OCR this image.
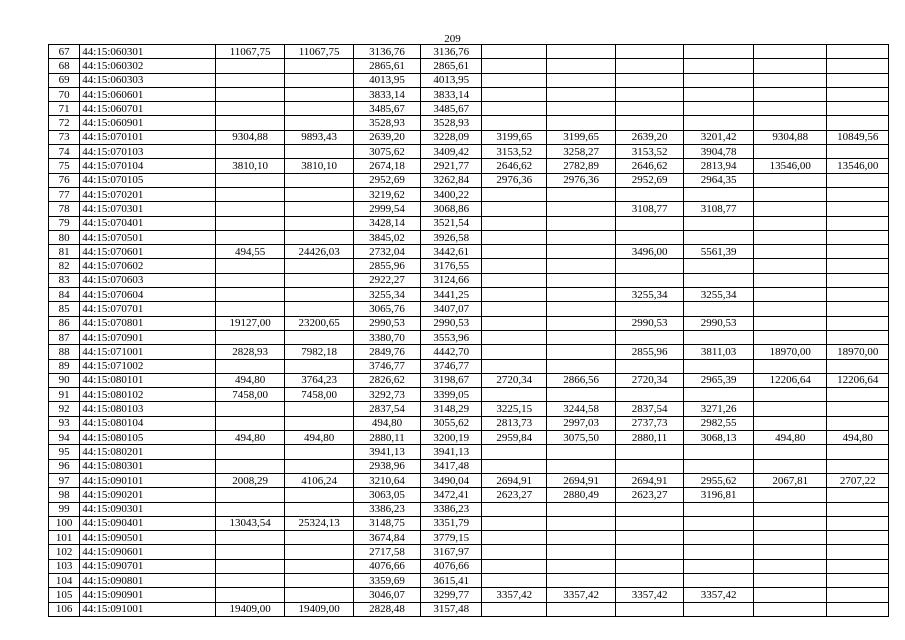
209
67	44:15:060301	11067,75	11067,75	3136,76	3136,76						
68	44:15:060302			2865,61	2865,61						
69	44:15:060303			4013,95	4013,95						
70	44:15:060601			3833,14	3833,14						
71	44:15:060701			3485,67	3485,67						
72	44:15:060901			3528,93	3528,93						
73	44:15:070101	9304,88	9893,43	2639,20	3228,09	3199,65	3199,65	2639,20	3201,42	9304,88	10849,56
74	44:15:070103			3075,62	3409,42	3153,52	3258,27	3153,52	3904,78		
75	44:15:070104	3810,10	3810,10	2674,18	2921,77	2646,62	2782,89	2646,62	2813,94	13546,00	13546,00
76	44:15:070105			2952,69	3262,84	2976,36	2976,36	2952,69	2964,35		
77	44:15:070201			3219,62	3400,22						
78	44:15:070301			2999,54	3068,86			3108,77	3108,77		
79	44:15:070401			3428,14	3521,54						
80	44:15:070501			3845,02	3926,58						
81	44:15:070601	494,55	24426,03	2732,04	3442,61			3496,00	5561,39		
82	44:15:070602			2855,96	3176,55						
83	44:15:070603			2922,27	3124,66						
84	44:15:070604			3255,34	3441,25			3255,34	3255,34		
85	44:15:070701			3065,76	3407,07						
86	44:15:070801	19127,00	23200,65	2990,53	2990,53			2990,53	2990,53		
87	44:15:070901			3380,70	3553,96						
88	44:15:071001	2828,93	7982,18	2849,76	4442,70			2855,96	3811,03	18970,00	18970,00
89	44:15:071002			3746,77	3746,77						
90	44:15:080101	494,80	3764,23	2826,62	3198,67	2720,34	2866,56	2720,34	2965,39	12206,64	12206,64
91	44:15:080102	7458,00	7458,00	3292,73	3399,05						
92	44:15:080103			2837,54	3148,29	3225,15	3244,58	2837,54	3271,26		
93	44:15:080104			494,80	3055,62	2813,73	2997,03	2737,73	2982,55		
94	44:15:080105	494,80	494,80	2880,11	3200,19	2959,84	3075,50	2880,11	3068,13	494,80	494,80
95	44:15:080201			3941,13	3941,13						
96	44:15:080301			2938,96	3417,48						
97	44:15:090101	2008,29	4106,24	3210,64	3490,04	2694,91	2694,91	2694,91	2955,62	2067,81	2707,22
98	44:15:090201			3063,05	3472,41	2623,27	2880,49	2623,27	3196,81		
99	44:15:090301			3386,23	3386,23						
100	44:15:090401	13043,54	25324,13	3148,75	3351,79						
101	44:15:090501			3674,84	3779,15						
102	44:15:090601			2717,58	3167,97						
103	44:15:090701			4076,66	4076,66						
104	44:15:090801			3359,69	3615,41						
105	44:15:090901			3046,07	3299,77	3357,42	3357,42	3357,42	3357,42		
106	44:15:091001	19409,00	19409,00	2828,48	3157,48						
